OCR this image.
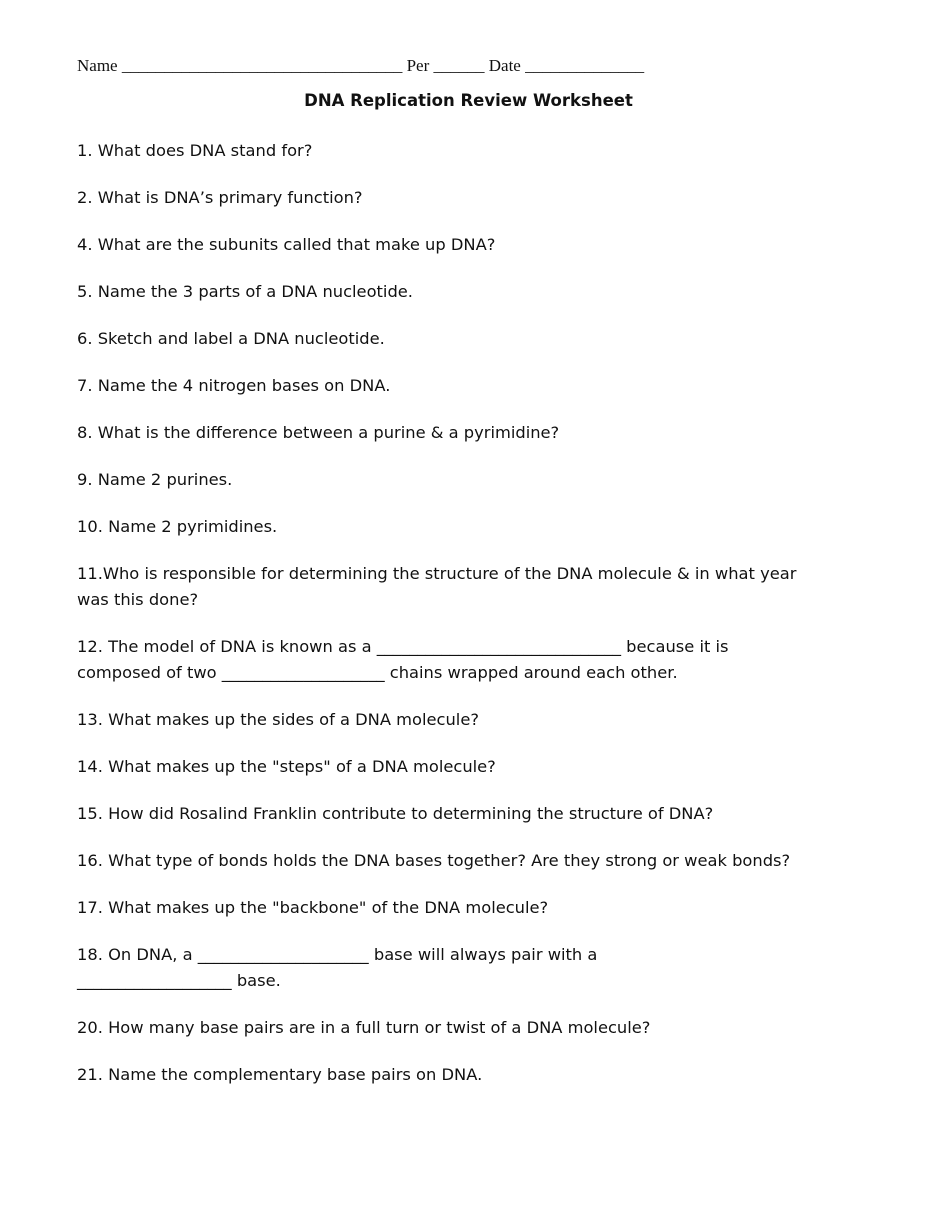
Name _________________________________ Per ______ Date ______________
DNA Replication Review Worksheet

1. What does DNA stand for?

2. What is DNA’s primary function?

4. What are the subunits called that make up DNA?

5. Name the 3 parts of a DNA nucleotide.

6. Sketch and label a DNA nucleotide.

7. Name the 4 nitrogen bases on DNA.

8. What is the difference between a purine & a pyrimidine?

9. Name 2 purines.

10. Name 2 pyrimidines.

11.Who is responsible for determining the structure of the DNA molecule & in what year
was this done?

12. The model of DNA is known as a ______________________________ because it is
composed of two ____________________ chains wrapped around each other.

13. What makes up the sides of a DNA molecule?

14. What makes up the "steps" of a DNA molecule?

15. How did Rosalind Franklin contribute to determining the structure of DNA?

16. What type of bonds holds the DNA bases together? Are they strong or weak bonds?

17. What makes up the "backbone" of the DNA molecule?

18. On DNA, a _____________________ base will always pair with a
___________________ base.

20. How many base pairs are in a full turn or twist of a DNA molecule?

21. Name the complementary base pairs on DNA.
